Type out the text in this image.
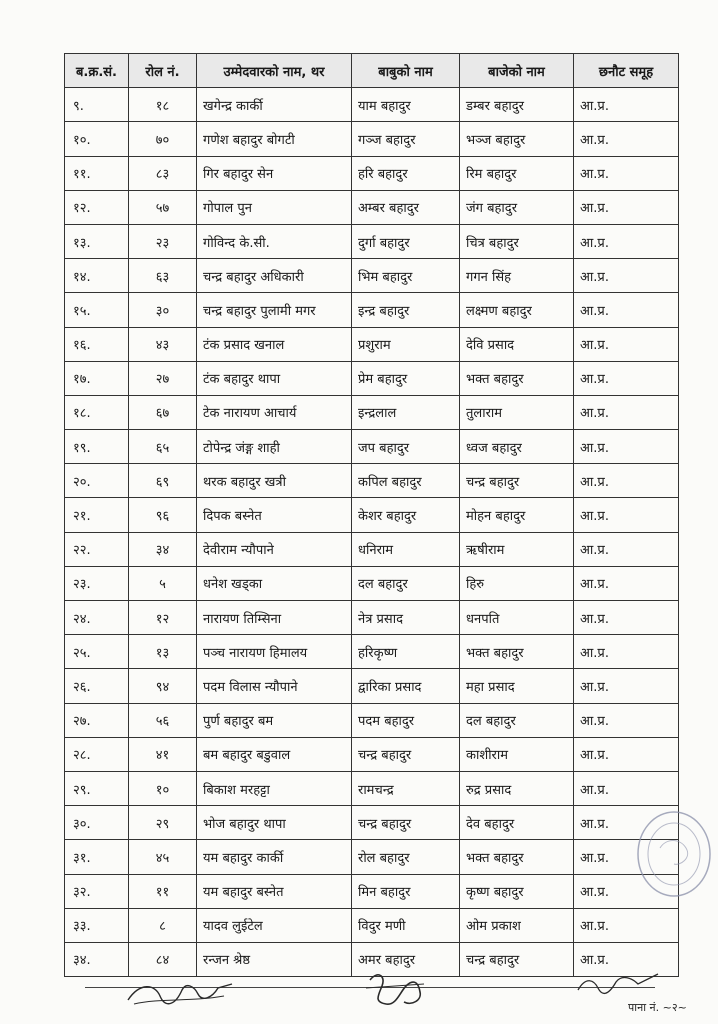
ब.क्र.सं.	रोल नं.	उम्मेदवारको नाम, थर	बाबुको नाम	बाजेको नाम	छनौट समूह
९.	१८	खगेन्द्र कार्की	याम बहादुर	डम्बर बहादुर	आ.प्र.
१०.	७०	गणेश बहादुर बोगटी	गञ्ज बहादुर	भञ्ज बहादुर	आ.प्र.
११.	८३	गिर बहादुर सेन	हरि बहादुर	रिम बहादुर	आ.प्र.
१२.	५७	गोपाल पुन	अम्बर बहादुर	जंग बहादुर	आ.प्र.
१३.	२३	गोविन्द के.सी.	दुर्गा बहादुर	चित्र बहादुर	आ.प्र.
१४.	६३	चन्द्र बहादुर अधिकारी	भिम बहादुर	गगन सिंह	आ.प्र.
१५.	३०	चन्द्र बहादुर पुलामी मगर	इन्द्र बहादुर	लक्ष्मण बहादुर	आ.प्र.
१६.	४३	टंक प्रसाद खनाल	प्रशुराम	देवि प्रसाद	आ.प्र.
१७.	२७	टंक बहादुर थापा	प्रेम बहादुर	भक्त बहादुर	आ.प्र.
१८.	६७	टेक नारायण आचार्य	इन्द्रलाल	तुलाराम	आ.प्र.
१९.	६५	टोपेन्द्र जंङ्ग शाही	जप बहादुर	ध्वज बहादुर	आ.प्र.
२०.	६९	थरक बहादुर खत्री	कपिल बहादुर	चन्द्र बहादुर	आ.प्र.
२१.	९६	दिपक बस्नेत	केशर बहादुर	मोहन बहादुर	आ.प्र.
२२.	३४	देवीराम न्यौपाने	धनिराम	ऋषीराम	आ.प्र.
२३.	५	धनेश खड्का	दल बहादुर	हिरु	आ.प्र.
२४.	१२	नारायण तिम्सिना	नेत्र प्रसाद	धनपति	आ.प्र.
२५.	१३	पञ्च नारायण हिमालय	हरिकृष्ण	भक्त बहादुर	आ.प्र.
२६.	९४	पदम विलास न्यौपाने	द्वारिका प्रसाद	महा प्रसाद	आ.प्र.
२७.	५६	पुर्ण बहादुर बम	पदम बहादुर	दल बहादुर	आ.प्र.
२८.	४१	बम बहादुर बडुवाल	चन्द्र बहादुर	काशीराम	आ.प्र.
२९.	१०	बिकाश मरहट्टा	रामचन्द्र	रुद्र प्रसाद	आ.प्र.
३०.	२९	भोज बहादुर थापा	चन्द्र बहादुर	देव बहादुर	आ.प्र.
३१.	४५	यम बहादुर कार्की	रोल बहादुर	भक्त बहादुर	आ.प्र.
३२.	११	यम बहादुर बस्नेत	मिन बहादुर	कृष्ण बहादुर	आ.प्र.
३३.	८	यादव लुईटेल	विदुर मणी	ओम प्रकाश	आ.प्र.
३४.	८४	रन्जन श्रेष्ठ	अमर बहादुर	चन्द्र बहादुर	आ.प्र.
पाना नं. ~२~
